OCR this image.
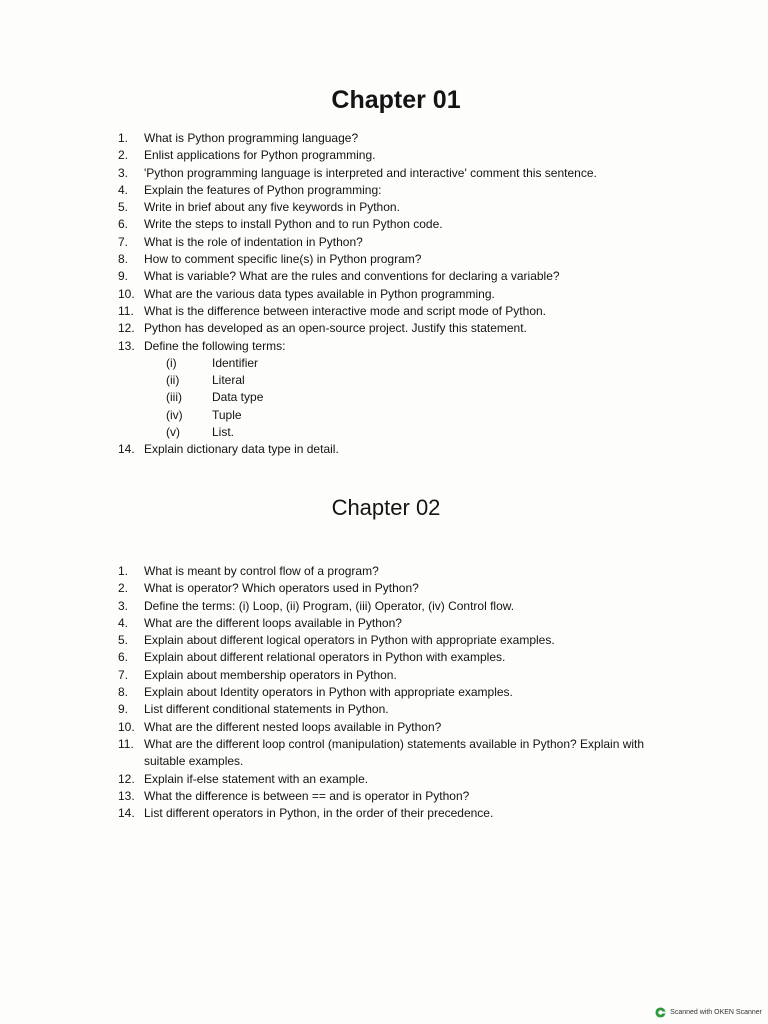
Chapter 01
1.	What is Python programming language?
2.	Enlist applications for Python programming.
3.	'Python programming language is interpreted and interactive' comment this sentence.
4.	Explain the features of Python programming:
5.	Write in brief about any five keywords in Python.
6.	Write the steps to install Python and to run Python code.
7.	What is the role of indentation in Python?
8.	How to comment specific line(s) in Python program?
9.	What is variable? What are the rules and conventions for declaring a variable?
10. What are the various data types available in Python programming.
11. What is the difference between interactive mode and script mode of Python.
12. Python has developed as an open-source project. Justify this statement.
13. Define the following terms:
(i)	Identifier
(ii)	Literal
(iii)	Data type
(iv) Tuple
(v)	List.
14. Explain dictionary data type in detail.
Chapter 02
1.	What is meant by control flow of a program?
2.	What is operator? Which operators used in Python?
3.	Define the terms: (i) Loop, (ii) Program, (iii) Operator, (iv) Control flow.
4.	What are the different loops available in Python?
5.	Explain about different logical operators in Python with appropriate examples.
6.	Explain about different relational operators in Python with examples.
7.	Explain about membership operators in Python.
8.	Explain about Identity operators in Python with appropriate examples.
9.	List different conditional statements in Python.
10. What are the different nested loops available in Python?
11. What are the different loop control (manipulation) statements available in Python? Explain with suitable examples.
12. Explain if-else statement with an example.
13. What the difference is between == and is operator in Python?
14. List different operators in Python, in the order of their precedence.
Scanned with OKEN Scanner
